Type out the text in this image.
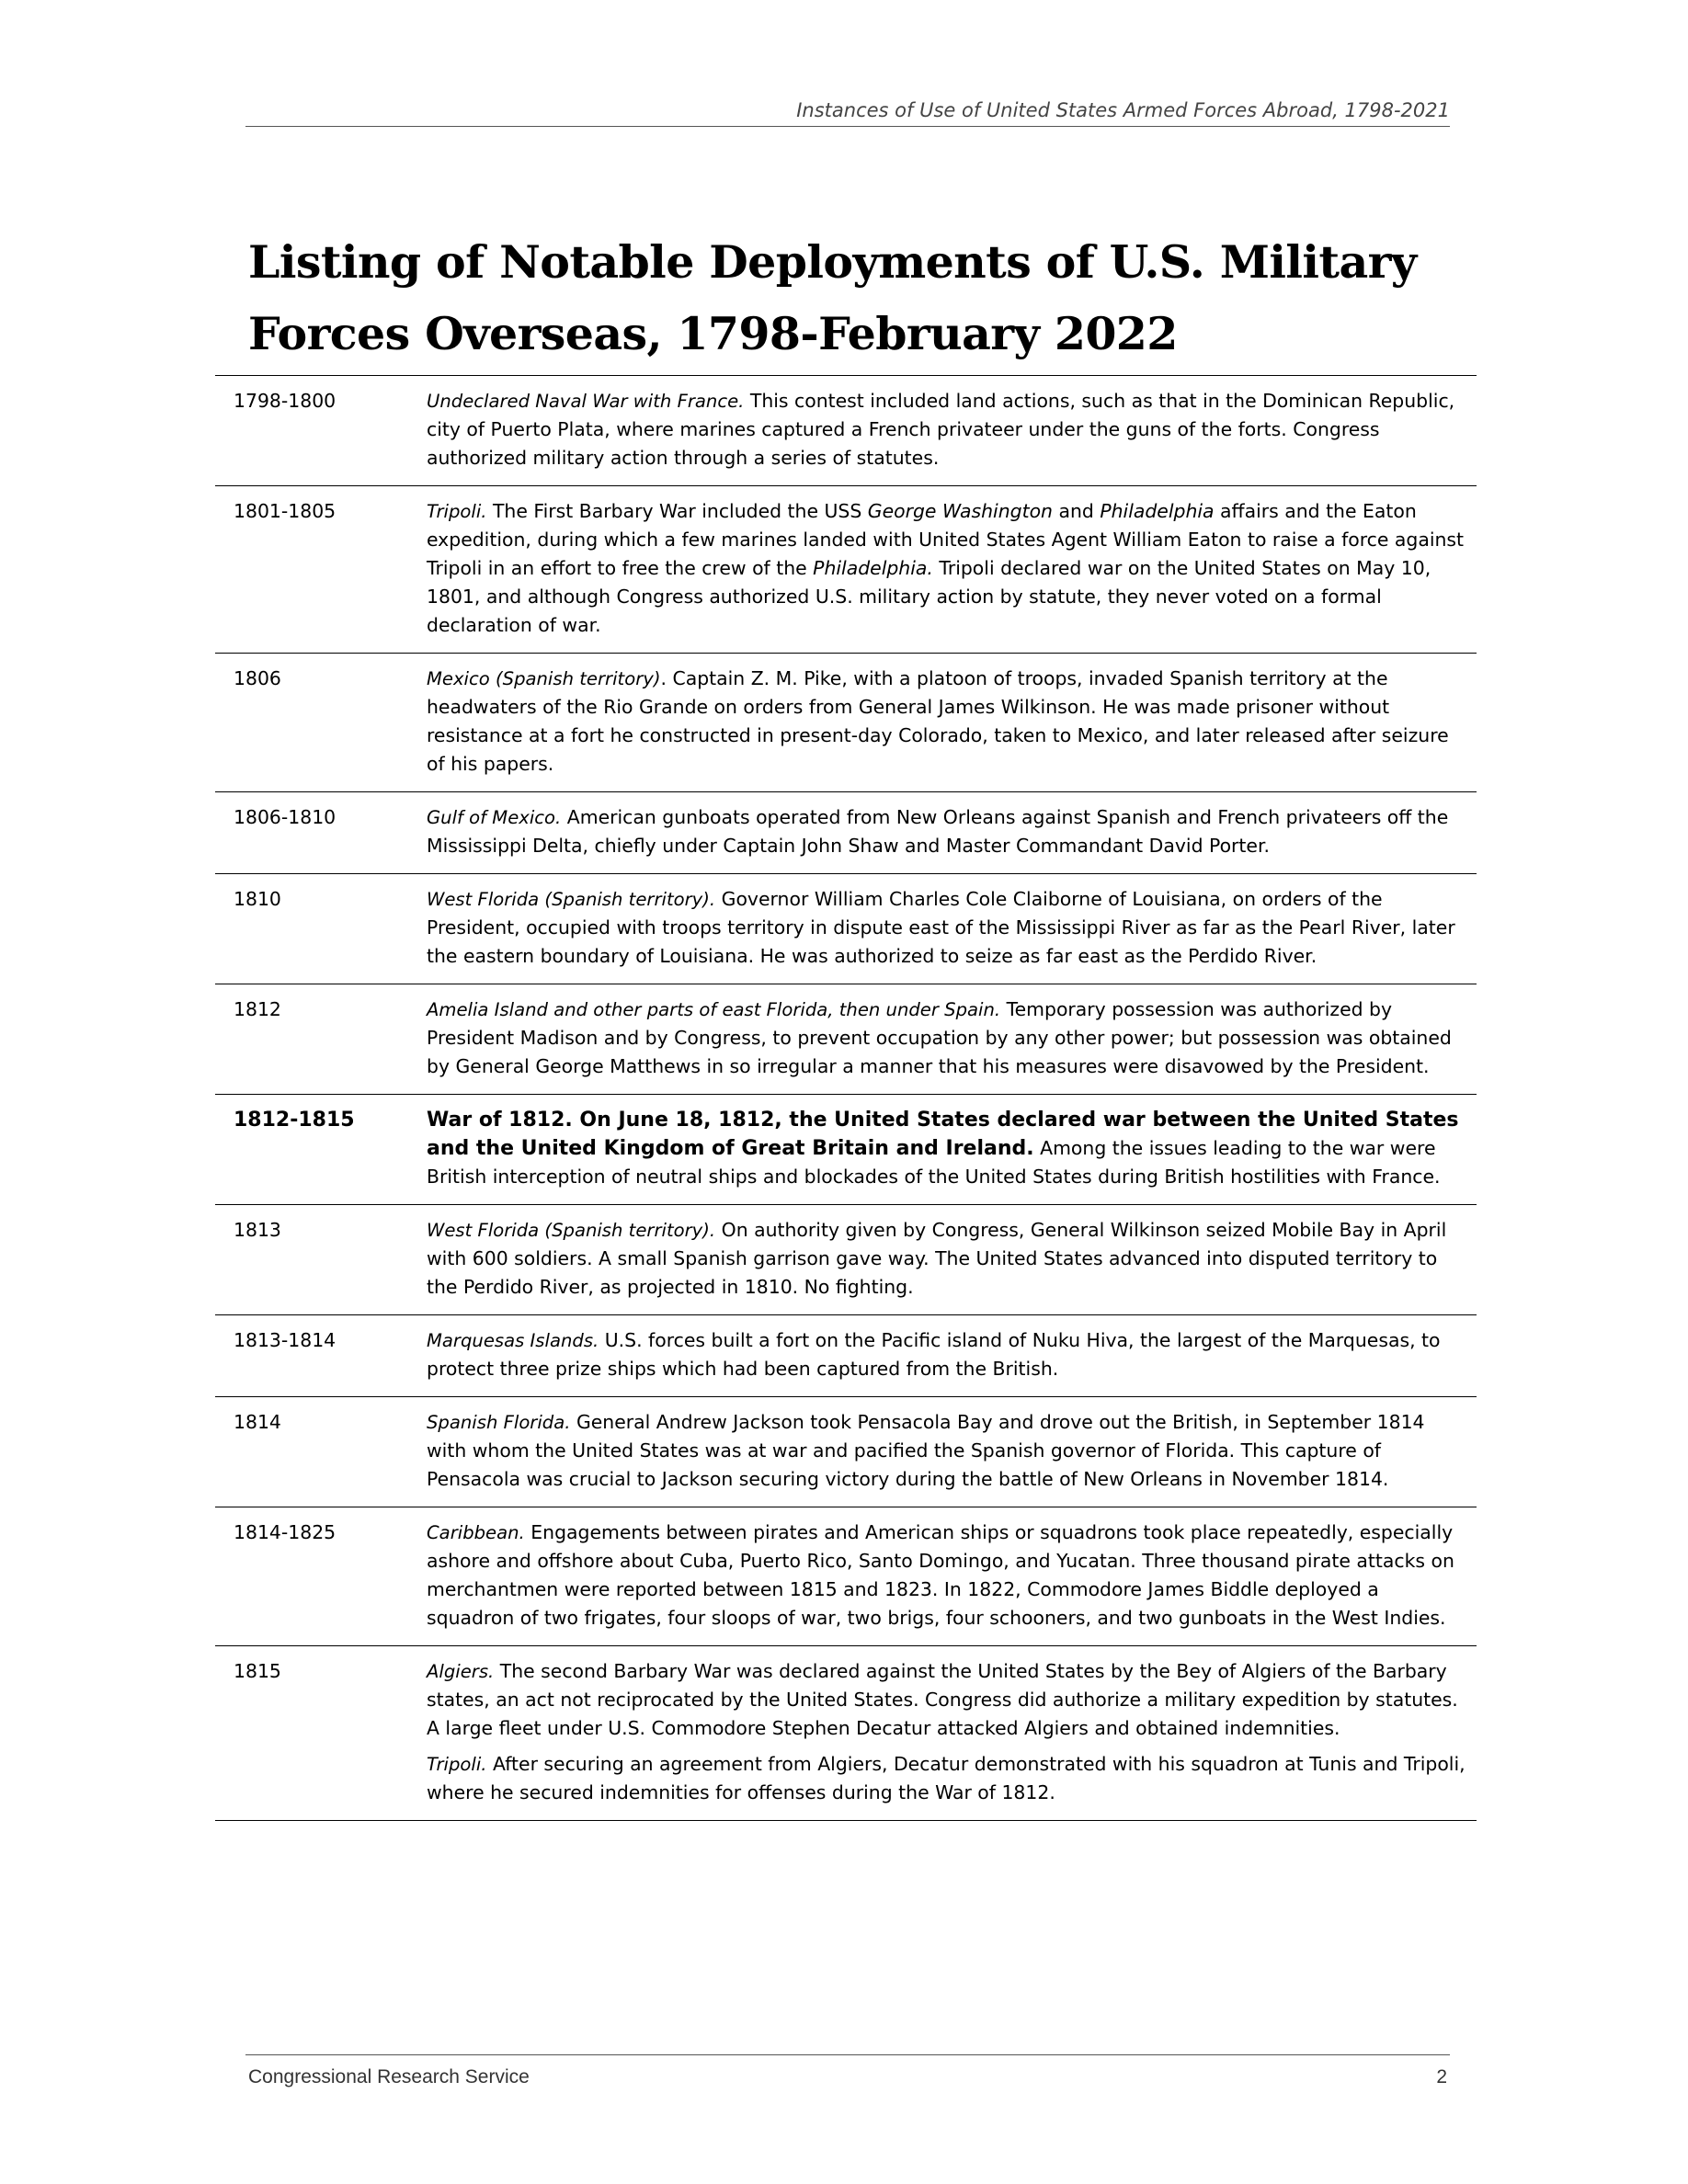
Instances of Use of United States Armed Forces Abroad, 1798-2021
Listing of Notable Deployments of U.S. Military
Forces Overseas, 1798-February 2022
1798-1800	Undeclared Naval War with France. This contest included land actions, such as that in the Dominican Republic, city of Puerto Plata, where marines captured a French privateer under the guns of the forts. Congress authorized military action through a series of statutes.

1801-1805	Tripoli. The First Barbary War included the USS George Washington and Philadelphia affairs and the Eaton expedition, during which a few marines landed with United States Agent William Eaton to raise a force against Tripoli in an effort to free the crew of the Philadelphia. Tripoli declared war on the United States on May 10, 1801, and although Congress authorized U.S. military action by statute, they never voted on a formal declaration of war.

1806	Mexico (Spanish territory). Captain Z. M. Pike, with a platoon of troops, invaded Spanish territory at the headwaters of the Rio Grande on orders from General James Wilkinson. He was made prisoner without resistance at a fort he constructed in present-day Colorado, taken to Mexico, and later released after seizure of his papers.

1806-1810	Gulf of Mexico. American gunboats operated from New Orleans against Spanish and French privateers off the Mississippi Delta, chiefly under Captain John Shaw and Master Commandant David Porter.

1810	West Florida (Spanish territory). Governor William Charles Cole Claiborne of Louisiana, on orders of the President, occupied with troops territory in dispute east of the Mississippi River as far as the Pearl River, later the eastern boundary of Louisiana. He was authorized to seize as far east as the Perdido River.

1812	Amelia Island and other parts of east Florida, then under Spain. Temporary possession was authorized by President Madison and by Congress, to prevent occupation by any other power; but possession was obtained by General George Matthews in so irregular a manner that his measures were disavowed by the President.

1812-1815	War of 1812. On June 18, 1812, the United States declared war between the United States and the United Kingdom of Great Britain and Ireland. Among the issues leading to the war were British interception of neutral ships and blockades of the United States during British hostilities with France.

1813	West Florida (Spanish territory). On authority given by Congress, General Wilkinson seized Mobile Bay in April with 600 soldiers. A small Spanish garrison gave way. The United States advanced into disputed territory to the Perdido River, as projected in 1810. No fighting.

1813-1814	Marquesas Islands. U.S. forces built a fort on the Pacific island of Nuku Hiva, the largest of the Marquesas, to protect three prize ships which had been captured from the British.

1814	Spanish Florida. General Andrew Jackson took Pensacola Bay and drove out the British, in September 1814 with whom the United States was at war and pacified the Spanish governor of Florida. This capture of Pensacola was crucial to Jackson securing victory during the battle of New Orleans in November 1814.

1814-1825	Caribbean. Engagements between pirates and American ships or squadrons took place repeatedly, especially ashore and offshore about Cuba, Puerto Rico, Santo Domingo, and Yucatan. Three thousand pirate attacks on merchantmen were reported between 1815 and 1823. In 1822, Commodore James Biddle deployed a squadron of two frigates, four sloops of war, two brigs, four schooners, and two gunboats in the West Indies.

1815	Algiers. The second Barbary War was declared against the United States by the Bey of Algiers of the Barbary states, an act not reciprocated by the United States. Congress did authorize a military expedition by statutes. A large fleet under U.S. Commodore Stephen Decatur attacked Algiers and obtained indemnities.

Tripoli. After securing an agreement from Algiers, Decatur demonstrated with his squadron at Tunis and Tripoli, where he secured indemnities for offenses during the War of 1812.

Congressional Research Service	2
